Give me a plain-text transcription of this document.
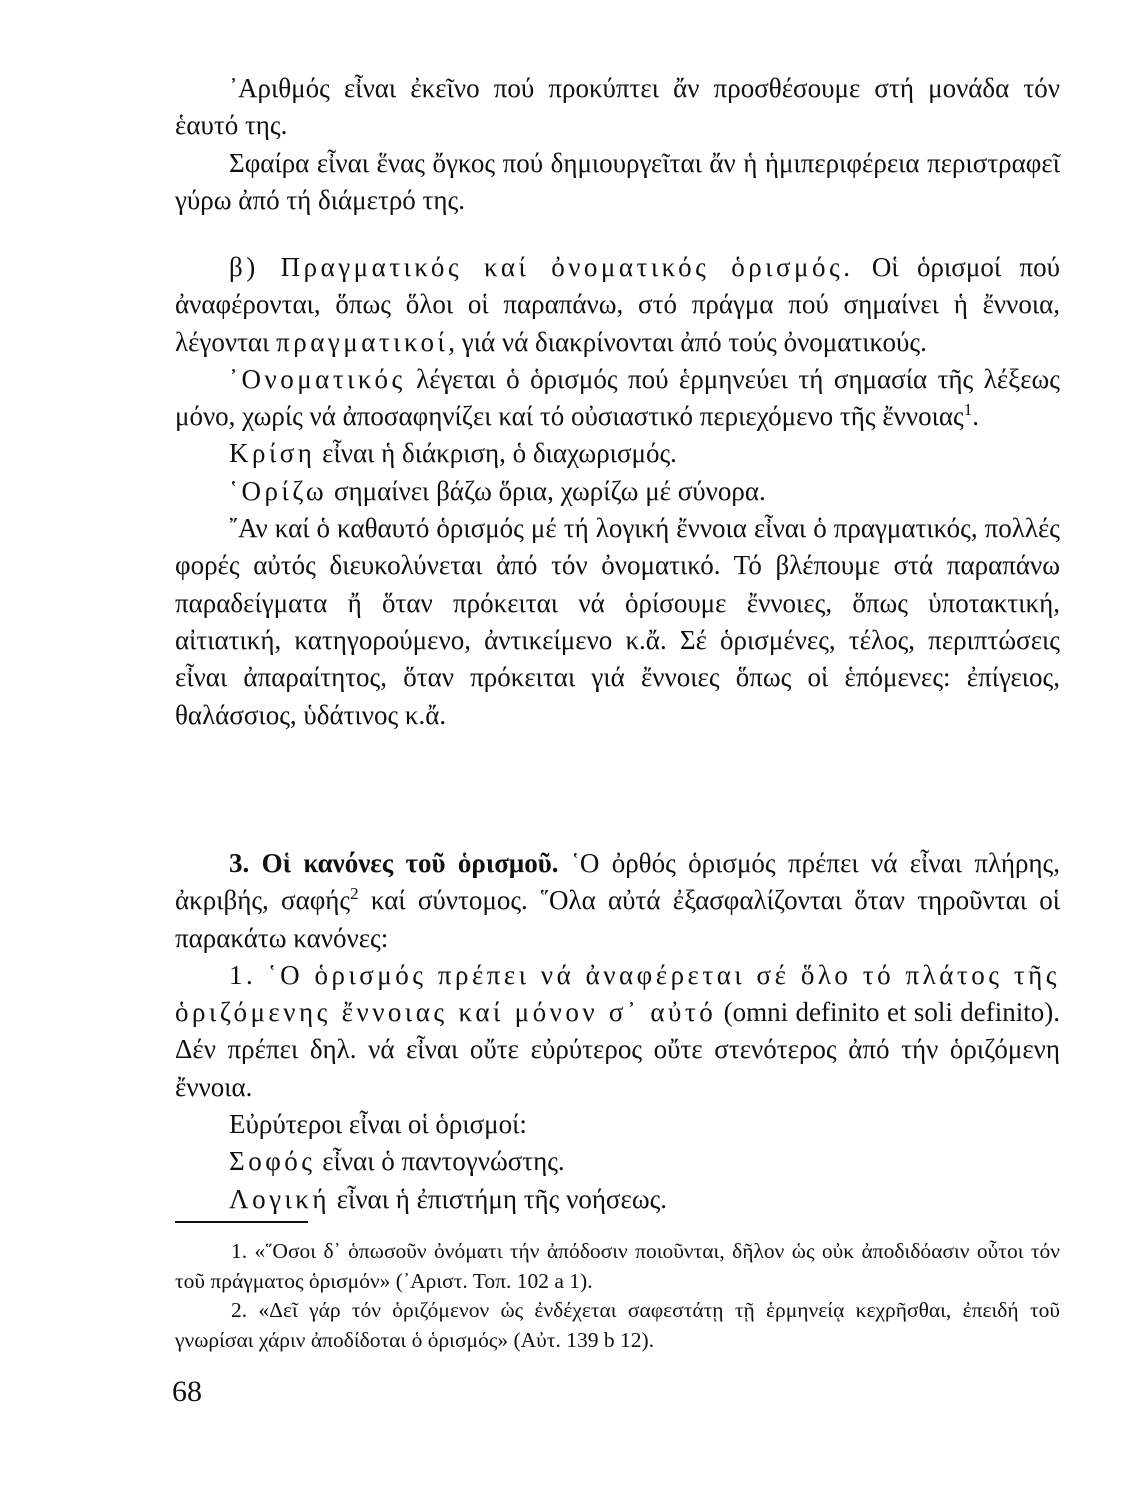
᾿Αριθμός εἶναι ἐκεῖνο πού προκύπτει ἄν προσθέσουμε στή μονάδα τόν ἑαυτό της.

Σφαίρα εἶναι ἕνας ὄγκος πού δημιουργεῖται ἄν ἡ ἡμιπεριφέρεια περιστραφεῖ γύρω ἀπό τή διάμετρό της.

β) Πραγματικός καί ὀνοματικός ὁρισμός. Οἱ ὁρισμοί πού ἀναφέρονται, ὅπως ὅλοι οἱ παραπάνω, στό πράγμα πού σημαίνει ἡ ἔννοια, λέγονται πραγματικοί, γιά νά διακρίνονται ἀπό τούς ὀνοματικούς.

᾿Ονοματικός λέγεται ὁ ὁρισμός πού ἑρμηνεύει τή σημασία τῆς λέξεως μόνο, χωρίς νά ἀποσαφηνίζει καί τό οὐσιαστικό περιεχόμενο τῆς ἔννοιας$^1$.

Κρίση εἶναι ἡ διάκριση, ὁ διαχωρισμός.

῾Ορίζω σημαίνει βάζω ὅρια, χωρίζω μέ σύνορα.

῎Αν καί ὁ καθαυτό ὁρισμός μέ τή λογική ἔννοια εἶναι ὁ πραγματικός, πολλές φορές αὐτός διευκολύνεται ἀπό τόν ὀνοματικό. Τό βλέπουμε στά παραπάνω παραδείγματα ἤ ὅταν πρόκειται νά ὁρίσουμε ἔννοιες, ὅπως ὑποτακτική, αἰτιατική, κατηγορούμενο, ἀντικείμενο κ.ἄ. Σέ ὁρισμένες, τέλος, περιπτώσεις εἶναι ἀπαραίτητος, ὅταν πρόκειται γιά ἔννοιες ὅπως οἱ ἑπόμενες: ἐπίγειος, θαλάσσιος, ὑδάτινος κ.ἄ.

3. Οἱ κανόνες τοῦ ὁρισμοῦ. ῾Ο ὀρθός ὁρισμός πρέπει νά εἶναι πλήρης, ἀκριβής, σαφής$^2$ καί σύντομος. ῞Ολα αὐτά ἐξασφαλίζονται ὅταν τηροῦνται οἱ παρακάτω κανόνες:

1. ῾Ο ὁρισμός πρέπει νά ἀναφέρεται σέ ὅλο τό πλάτος τῆς ὁριζόμενης ἔννοιας καί μόνον σ᾿ αὐτό (omni definito et soli definito). Δέν πρέπει δηλ. νά εἶναι οὔτε εὐρύτερος οὔτε στενότερος ἀπό τήν ὁριζόμενη ἔννοια.

Εὐρύτεροι εἶναι οἱ ὁρισμοί:

Σοφός εἶναι ὁ παντογνώστης.

Λογική εἶναι ἡ ἐπιστήμη τῆς νοήσεως.

1. «῞Οσοι δ᾿ ὁπωσοῦν ὀνόματι τήν ἀπόδοσιν ποιοῦνται, δῆλον ὡς οὐκ ἀποδιδόασιν οὗτοι τόν τοῦ πράγματος ὁρισμόν» (᾿Αριστ. Τοπ. 102 a 1).

2. «Δεῖ γάρ τόν ὁριζόμενον ὡς ἐνδέχεται σαφεστάτῃ τῇ ἑρμηνείᾳ κεχρῆσθαι, ἐπειδή τοῦ γνωρίσαι χάριν ἀποδίδοται ὁ ὁρισμός» (Αὐτ. 139 b 12).

68
